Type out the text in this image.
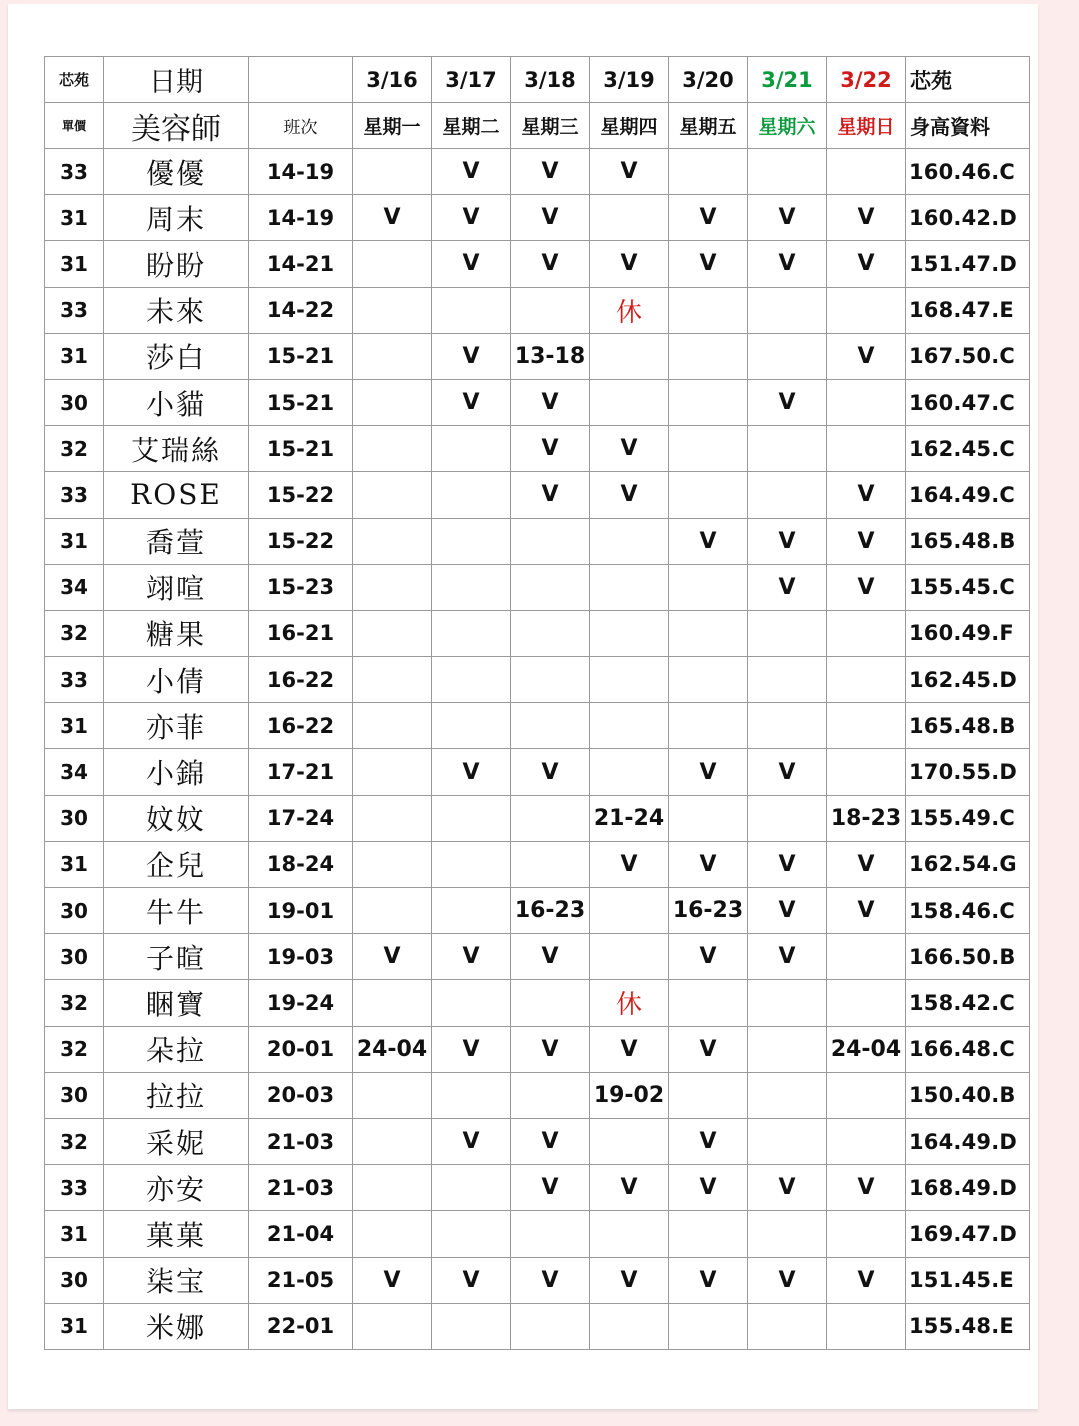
芯苑	日期		3/16	3/17	3/18	3/19	3/20	3/21	3/22	芯苑
單價	美容師	班次	星期一	星期二	星期三	星期四	星期五	星期六	星期日	身高資料
33	優優	14-19		V	V	V				160.46.C
31	周末	14-19	V	V	V		V	V	V	160.42.D
31	盼盼	14-21		V	V	V	V	V	V	151.47.D
33	未來	14-22				休				168.47.E
31	莎白	15-21		V	13-18				V	167.50.C
30	小貓	15-21		V	V			V		160.47.C
32	艾瑞絲	15-21			V	V				162.45.C
33	ROSE	15-22			V	V			V	164.49.C
31	喬萱	15-22					V	V	V	165.48.B
34	翊喧	15-23						V	V	155.45.C
32	糖果	16-21								160.49.F
33	小倩	16-22								162.45.D
31	亦菲	16-22								165.48.B
34	小錦	17-21		V	V		V	V		170.55.D
30	妏妏	17-24				21-24			18-23	155.49.C
31	企兒	18-24				V	V	V	V	162.54.G
30	牛牛	19-01			16-23		16-23	V	V	158.46.C
30	子暄	19-03	V	V	V		V	V		166.50.B
32	睏寶	19-24				休				158.42.C
32	朵拉	20-01	24-04	V	V	V	V		24-04	166.48.C
30	拉拉	20-03				19-02				150.40.B
32	采妮	21-03		V	V		V			164.49.D
33	亦安	21-03			V	V	V	V	V	168.49.D
31	菓菓	21-04								169.47.D
30	柒宝	21-05	V	V	V	V	V	V	V	151.45.E
31	米娜	22-01								155.48.E
